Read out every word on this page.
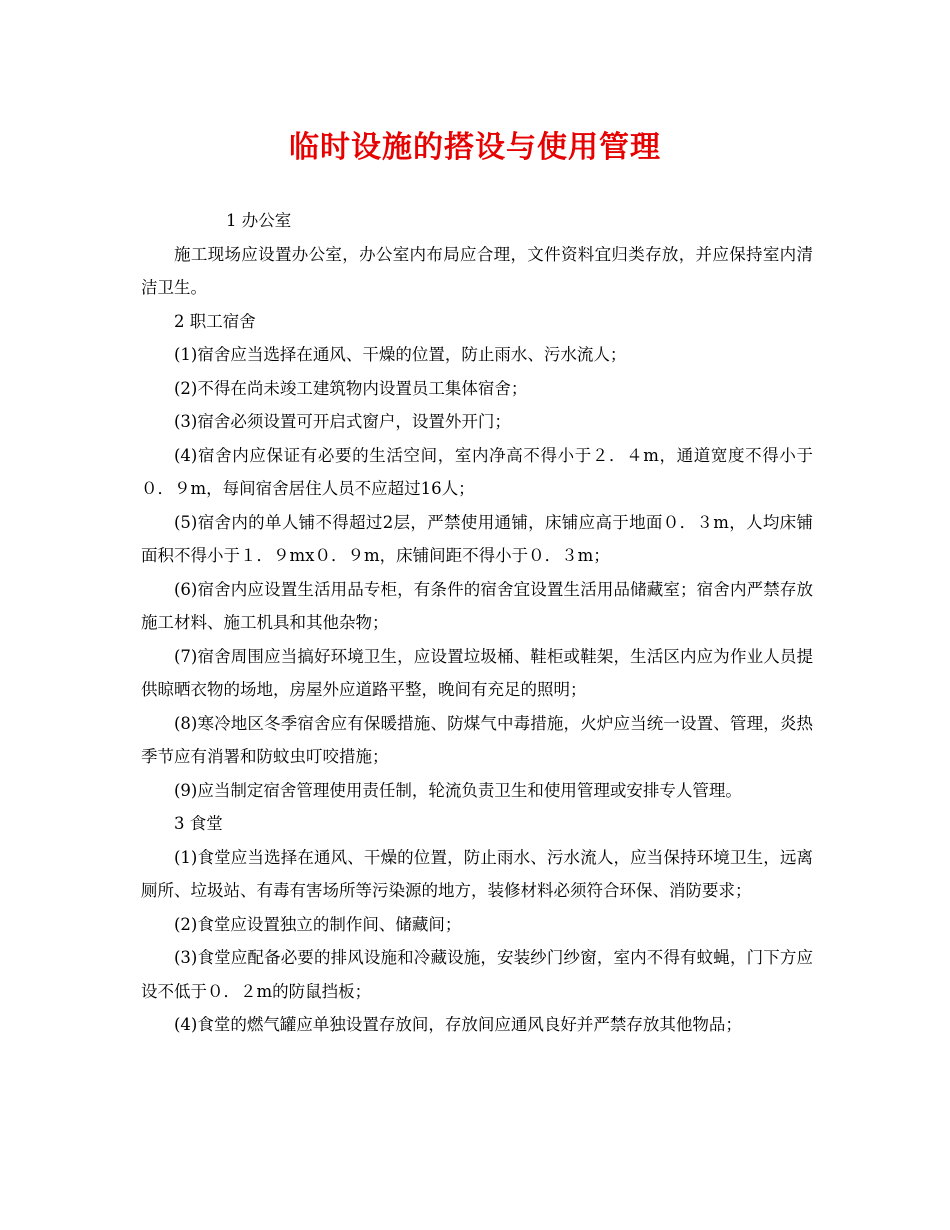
临时设施的搭设与使用管理

1 办公室

施工现场应设置办公室，办公室内布局应合理，文件资料宜归类存放，并应保持室内清洁卫生。

2 职工宿舍

(1)宿舍应当选择在通风、干燥的位置，防止雨水、污水流人；

(2)不得在尚未竣工建筑物内设置员工集体宿舍；

(3)宿舍必须设置可开启式窗户，设置外开门；

(4)宿舍内应保证有必要的生活空间，室内净高不得小于２．４m，通道宽度不得小于０．９m，每间宿舍居住人员不应超过16人；

(5)宿舍内的单人铺不得超过2层，严禁使用通铺，床铺应高于地面０．３m，人均床铺面积不得小于１．９mx０．９m，床铺间距不得小于０．３m；

(6)宿舍内应设置生活用品专柜，有条件的宿舍宜设置生活用品储藏室；宿舍内严禁存放施工材料、施工机具和其他杂物；

(7)宿舍周围应当搞好环境卫生，应设置垃圾桶、鞋柜或鞋架，生活区内应为作业人员提供晾晒衣物的场地，房屋外应道路平整，晚间有充足的照明；

(8)寒冷地区冬季宿舍应有保暖措施、防煤气中毒措施，火炉应当统一设置、管理，炎热季节应有消署和防蚊虫叮咬措施；

(9)应当制定宿舍管理使用责任制，轮流负责卫生和使用管理或安排专人管理。

3 食堂

(1)食堂应当选择在通风、干燥的位置，防止雨水、污水流人，应当保持环境卫生，远离厕所、垃圾站、有毒有害场所等污染源的地方，装修材料必须符合环保、消防要求；

(2)食堂应设置独立的制作间、储藏间；

(3)食堂应配备必要的排风设施和冷藏设施，安装纱门纱窗，室内不得有蚊蝇，门下方应设不低于０．２m的防鼠挡板；

(4)食堂的燃气罐应单独设置存放间，存放间应通风良好并严禁存放其他物品；
